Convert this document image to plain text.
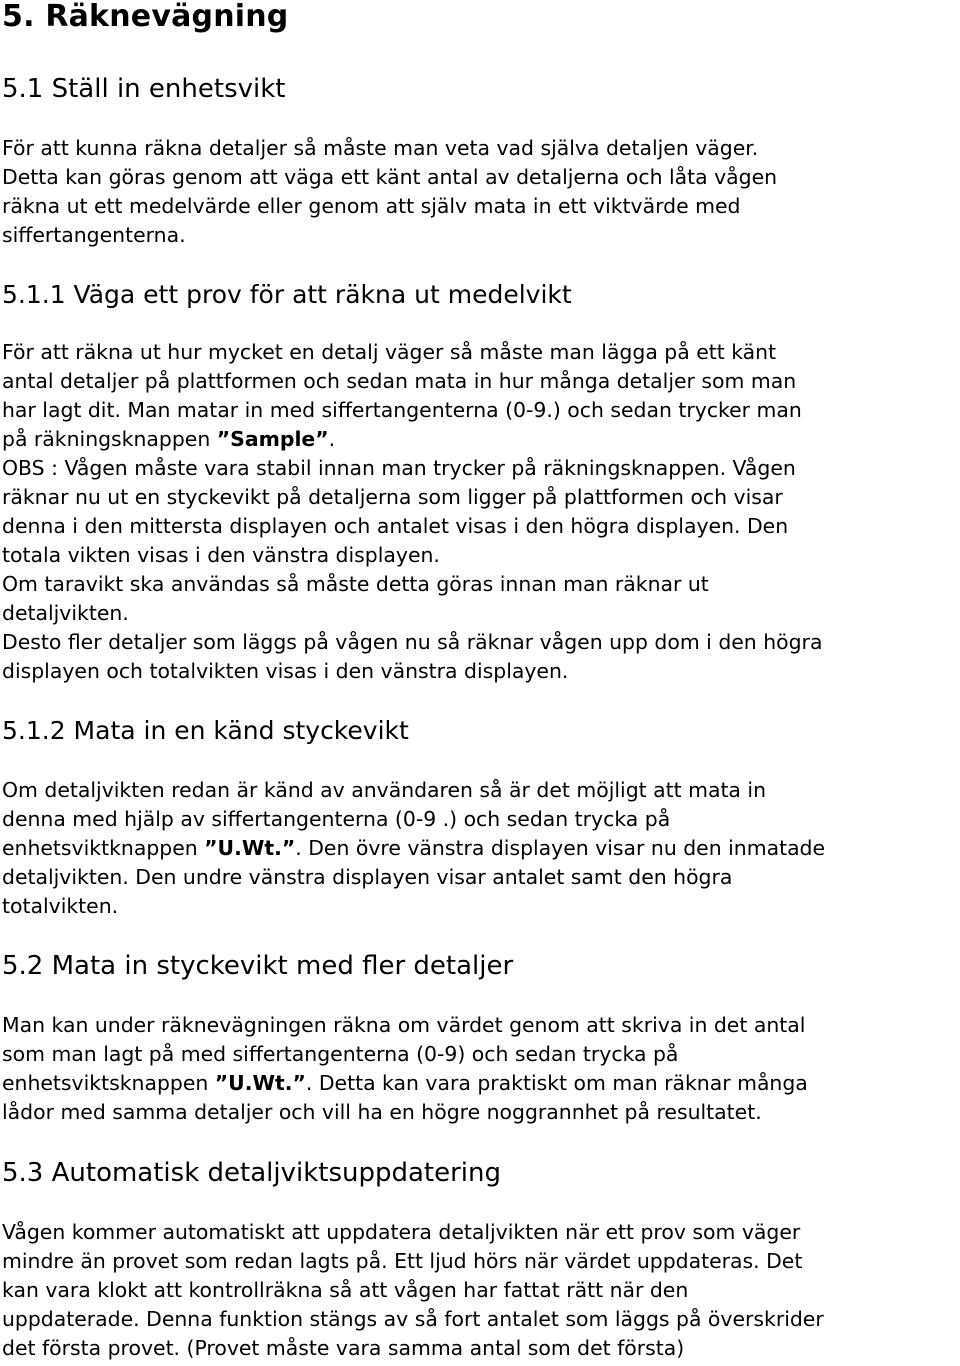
5. Räknevägning
5.1 Ställ in enhetsvikt

För att kunna räkna detaljer så måste man veta vad själva detaljen väger.
Detta kan göras genom att väga ett känt antal av detaljerna och låta vågen
räkna ut ett medelvärde eller genom att själv mata in ett viktvärde med
siffertangenterna.

5.1.1 Väga ett prov för att räkna ut medelvikt

För att räkna ut hur mycket en detalj väger så måste man lägga på ett känt
antal detaljer på plattformen och sedan mata in hur många detaljer som man
har lagt dit. Man matar in med siffertangenterna (0-9.) och sedan trycker man
på räkningsknappen ”Sample”.
OBS : Vågen måste vara stabil innan man trycker på räkningsknappen. Vågen
räknar nu ut en styckevikt på detaljerna som ligger på plattformen och visar
denna i den mittersta displayen och antalet visas i den högra displayen. Den
totala vikten visas i den vänstra displayen.
Om taravikt ska användas så måste detta göras innan man räknar ut
detaljvikten.
Desto fler detaljer som läggs på vågen nu så räknar vågen upp dom i den högra
displayen och totalvikten visas i den vänstra displayen.

5.1.2 Mata in en känd styckevikt

Om detaljvikten redan är känd av användaren så är det möjligt att mata in
denna med hjälp av siffertangenterna (0-9 .) och sedan trycka på
enhetsviktknappen ”U.Wt.”. Den övre vänstra displayen visar nu den inmatade
detaljvikten. Den undre vänstra displayen visar antalet samt den högra
totalvikten.

5.2 Mata in styckevikt med fler detaljer

Man kan under räknevägningen räkna om värdet genom att skriva in det antal
som man lagt på med siffertangenterna (0-9) och sedan trycka på
enhetsviktsknappen ”U.Wt.”. Detta kan vara praktiskt om man räknar många
lådor med samma detaljer och vill ha en högre noggrannhet på resultatet.

5.3 Automatisk detaljviktsuppdatering

Vågen kommer automatiskt att uppdatera detaljvikten när ett prov som väger
mindre än provet som redan lagts på. Ett ljud hörs när värdet uppdateras. Det
kan vara klokt att kontrollräkna så att vågen har fattat rätt när den
uppdaterade. Denna funktion stängs av så fort antalet som läggs på överskrider
det första provet. (Provet måste vara samma antal som det första)
